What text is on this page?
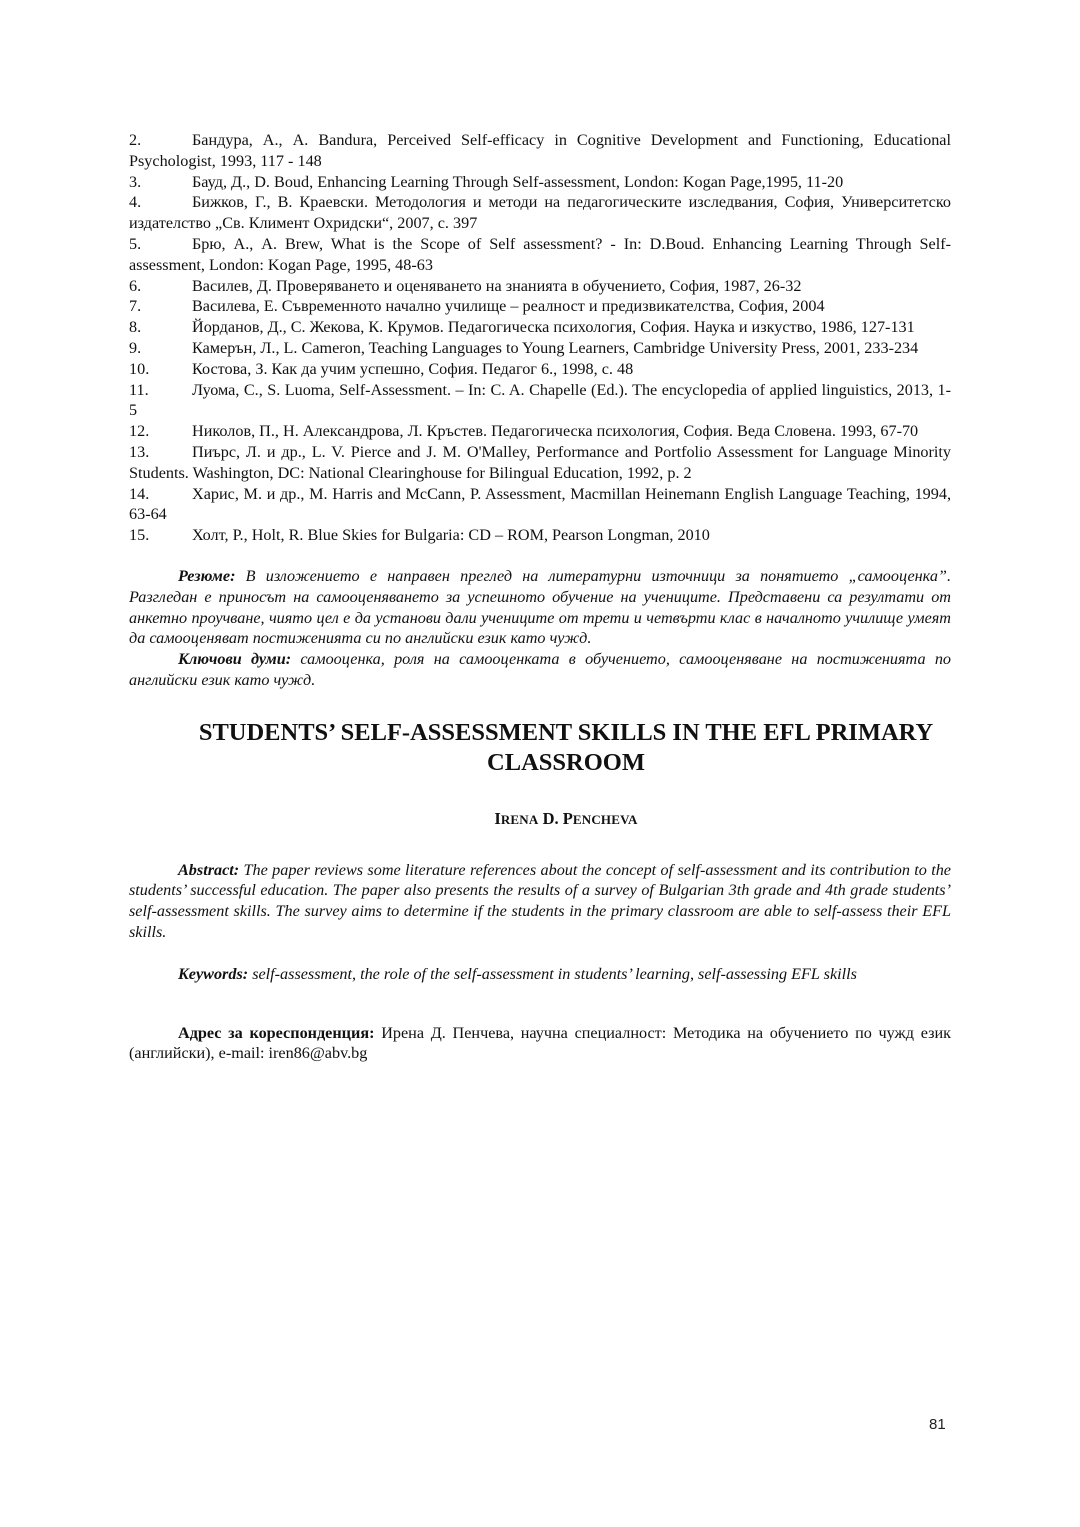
2.	Бандура, А., A. Bandura, Perceived Self-efficacy in Cognitive Development and Functioning, Educational Psychologist, 1993, 117 - 148
3.	Бауд, Д., D. Boud, Enhancing Learning Through Self-assessment, London: Kogan Page,1995, 11-20
4.	Бижков, Г., В. Краевски. Методология и методи на педагогическите изследвания, София, Университетско издателство „Св. Климент Охридски“, 2007, с. 397
5.	Брю, А., A. Brew, What is the Scope of Self assessment? - In: D.Boud. Enhancing Learning Through Self-assessment, London: Kogan Page, 1995, 48-63
6.	Василев, Д. Проверяването и оценяването на знанията в обучението, София, 1987, 26-32
7.	Василева, Е. Съвременното начално училище – реалност и предизвикателства, София, 2004
8.	Йорданов, Д., С. Жекова, К. Крумов. Педагогическа психология, София. Наука и изкуство, 1986, 127-131
9.	Камерън, Л., L. Cameron, Teaching Languages to Young Learners, Cambridge University Press, 2001, 233-234
10.	Костова, З. Как да учим успешно, София. Педагог 6., 1998, с. 48
11.	Луома, С., S. Luoma, Self-Assessment. – In: C. A. Chapelle (Ed.). The encyclopedia of applied linguistics, 2013, 1-5
12.	Николов, П., Н. Александрова, Л. Кръстев. Педагогическа психология, София. Веда Словена. 1993, 67-70
13.	Пиърс, Л. и др., L. V. Pierce and J. M. O'Malley, Performance and Portfolio Assessment for Language Minority Students. Washington, DC: National Clearinghouse for Bilingual Education, 1992, p. 2
14.	Харис, М. и др., M. Harris and McCann, P. Assessment, Macmillan Heinemann English Language Teaching, 1994, 63-64
15.	Холт, Р., Holt, R. Blue Skies for Bulgaria: CD – ROM, Pearson Longman, 2010

Резюме: В изложението е направен преглед на литературни източници за понятието „самооценка”. Разгледан е приносът на самооценяването за успешното обучение на учениците. Представени са резултати от анкетно проучване, чиято цел е да установи дали учениците от трети и четвърти клас в началното училище умеят да самооценяват постиженията си по английски език като чужд.

Ключови думи: самооценка, роля на самооценката в обучението, самооценяване на постиженията по английски език като чужд.

STUDENTS’ SELF-ASSESSMENT SKILLS IN THE EFL PRIMARY
CLASSROOM
IRENA D. PENCHEVA

Abstract: The paper reviews some literature references about the concept of self-assessment and its contribution to the students’ successful education. The paper also presents the results of a survey of Bulgarian 3th grade and 4th grade students’ self-assessment skills. The survey aims to determine if the students in the primary classroom are able to self-assess their EFL skills.

Keywords: self-assessment, the role of the self-assessment in students’ learning, self-assessing EFL skills

Адрес за кореспонденция: Ирена Д. Пенчева, научна специалност: Методика на обучението по чужд език (английски), e-mail: iren86@abv.bg

81
